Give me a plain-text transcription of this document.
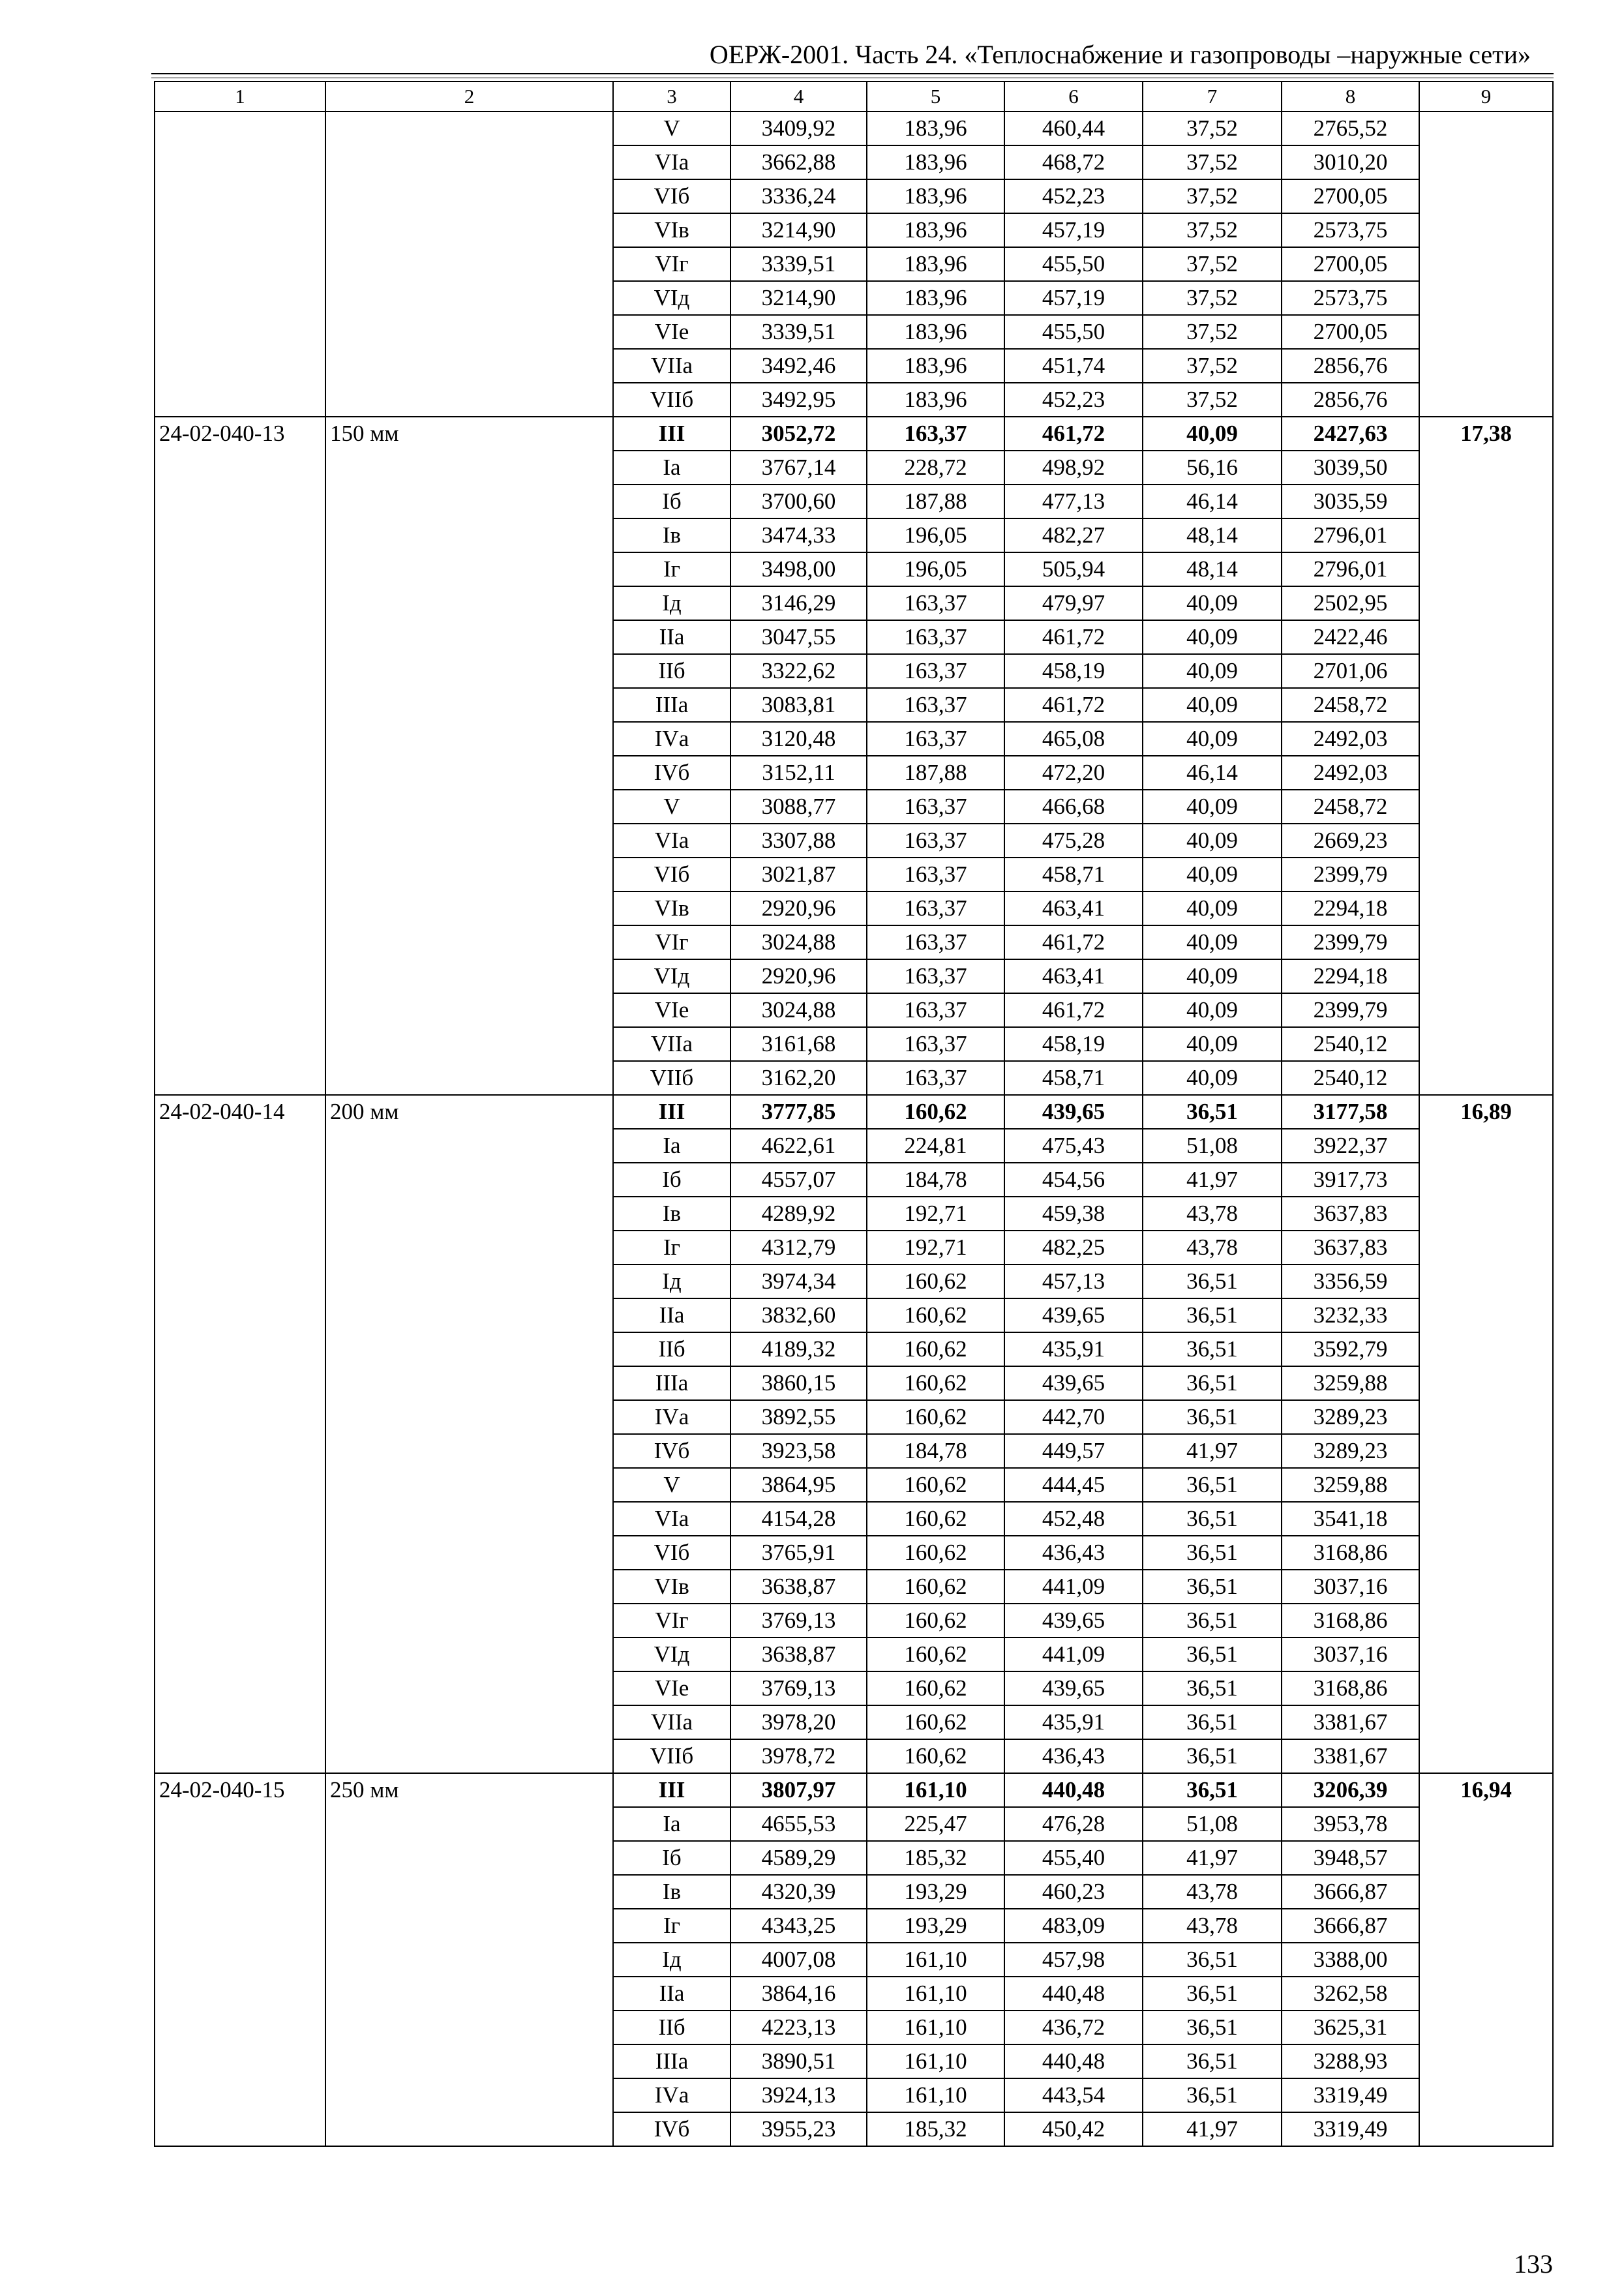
ОЕРЖ-2001. Часть 24. «Теплоснабжение и газопроводы –наружные сети»
1	2	3	4	5	6	7	8	9
		V	3409,92	183,96	460,44	37,52	2765,52	
		VIа	3662,88	183,96	468,72	37,52	3010,20	
		VIб	3336,24	183,96	452,23	37,52	2700,05	
		VIв	3214,90	183,96	457,19	37,52	2573,75	
		VIг	3339,51	183,96	455,50	37,52	2700,05	
		VIд	3214,90	183,96	457,19	37,52	2573,75	
		VIе	3339,51	183,96	455,50	37,52	2700,05	
		VIIа	3492,46	183,96	451,74	37,52	2856,76	
		VIIб	3492,95	183,96	452,23	37,52	2856,76	
24-02-040-13	150 мм	III	3052,72	163,37	461,72	40,09	2427,63	17,38
		Iа	3767,14	228,72	498,92	56,16	3039,50	
		Iб	3700,60	187,88	477,13	46,14	3035,59	
		Iв	3474,33	196,05	482,27	48,14	2796,01	
		Iг	3498,00	196,05	505,94	48,14	2796,01	
		Iд	3146,29	163,37	479,97	40,09	2502,95	
		IIа	3047,55	163,37	461,72	40,09	2422,46	
		IIб	3322,62	163,37	458,19	40,09	2701,06	
		IIIа	3083,81	163,37	461,72	40,09	2458,72	
		IVа	3120,48	163,37	465,08	40,09	2492,03	
		IVб	3152,11	187,88	472,20	46,14	2492,03	
		V	3088,77	163,37	466,68	40,09	2458,72	
		VIа	3307,88	163,37	475,28	40,09	2669,23	
		VIб	3021,87	163,37	458,71	40,09	2399,79	
		VIв	2920,96	163,37	463,41	40,09	2294,18	
		VIг	3024,88	163,37	461,72	40,09	2399,79	
		VIд	2920,96	163,37	463,41	40,09	2294,18	
		VIе	3024,88	163,37	461,72	40,09	2399,79	
		VIIа	3161,68	163,37	458,19	40,09	2540,12	
		VIIб	3162,20	163,37	458,71	40,09	2540,12	
24-02-040-14	200 мм	III	3777,85	160,62	439,65	36,51	3177,58	16,89
		Iа	4622,61	224,81	475,43	51,08	3922,37	
		Iб	4557,07	184,78	454,56	41,97	3917,73	
		Iв	4289,92	192,71	459,38	43,78	3637,83	
		Iг	4312,79	192,71	482,25	43,78	3637,83	
		Iд	3974,34	160,62	457,13	36,51	3356,59	
		IIа	3832,60	160,62	439,65	36,51	3232,33	
		IIб	4189,32	160,62	435,91	36,51	3592,79	
		IIIа	3860,15	160,62	439,65	36,51	3259,88	
		IVа	3892,55	160,62	442,70	36,51	3289,23	
		IVб	3923,58	184,78	449,57	41,97	3289,23	
		V	3864,95	160,62	444,45	36,51	3259,88	
		VIа	4154,28	160,62	452,48	36,51	3541,18	
		VIб	3765,91	160,62	436,43	36,51	3168,86	
		VIв	3638,87	160,62	441,09	36,51	3037,16	
		VIг	3769,13	160,62	439,65	36,51	3168,86	
		VIд	3638,87	160,62	441,09	36,51	3037,16	
		VIе	3769,13	160,62	439,65	36,51	3168,86	
		VIIа	3978,20	160,62	435,91	36,51	3381,67	
		VIIб	3978,72	160,62	436,43	36,51	3381,67	
24-02-040-15	250 мм	III	3807,97	161,10	440,48	36,51	3206,39	16,94
		Iа	4655,53	225,47	476,28	51,08	3953,78	
		Iб	4589,29	185,32	455,40	41,97	3948,57	
		Iв	4320,39	193,29	460,23	43,78	3666,87	
		Iг	4343,25	193,29	483,09	43,78	3666,87	
		Iд	4007,08	161,10	457,98	36,51	3388,00	
		IIа	3864,16	161,10	440,48	36,51	3262,58	
		IIб	4223,13	161,10	436,72	36,51	3625,31	
		IIIа	3890,51	161,10	440,48	36,51	3288,93	
		IVа	3924,13	161,10	443,54	36,51	3319,49	
		IVб	3955,23	185,32	450,42	41,97	3319,49	
133
